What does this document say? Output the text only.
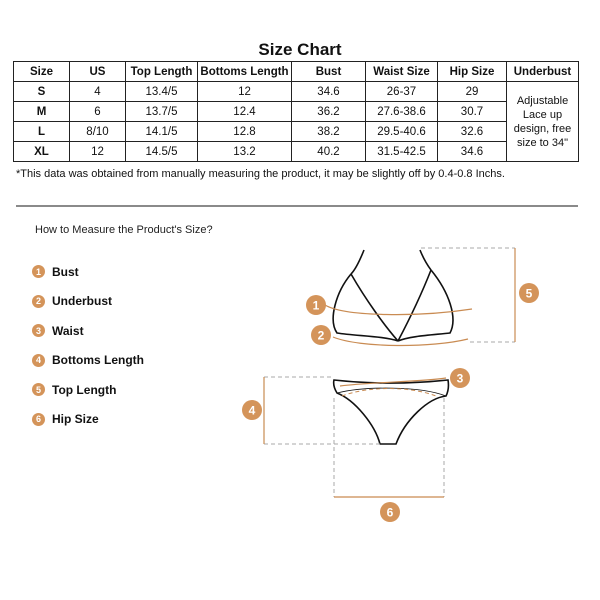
Size Chart
Size	US	Top Length	Bottoms Length	Bust	Waist Size	Hip Size	Underbust
S	4	13.4/5	12	34.6	26-37	29	Adjustable Lace up design, free size to 34"
M	6	13.7/5	12.4	36.2	27.6-38.6	30.7	
L	8/10	14.1/5	12.8	38.2	29.5-40.6	32.6	
XL	12	14.5/5	13.2	40.2	31.5-42.5	34.6	
*This data was obtained from manually measuring the product, it may be slightly off by 0.4-0.8 Inchs.
How to Measure the Product's Size?
1 Bust
2 Underbust
3 Waist
4 Bottoms Length
5 Top Length
6 Hip Size
1
2
3
4
5
6
